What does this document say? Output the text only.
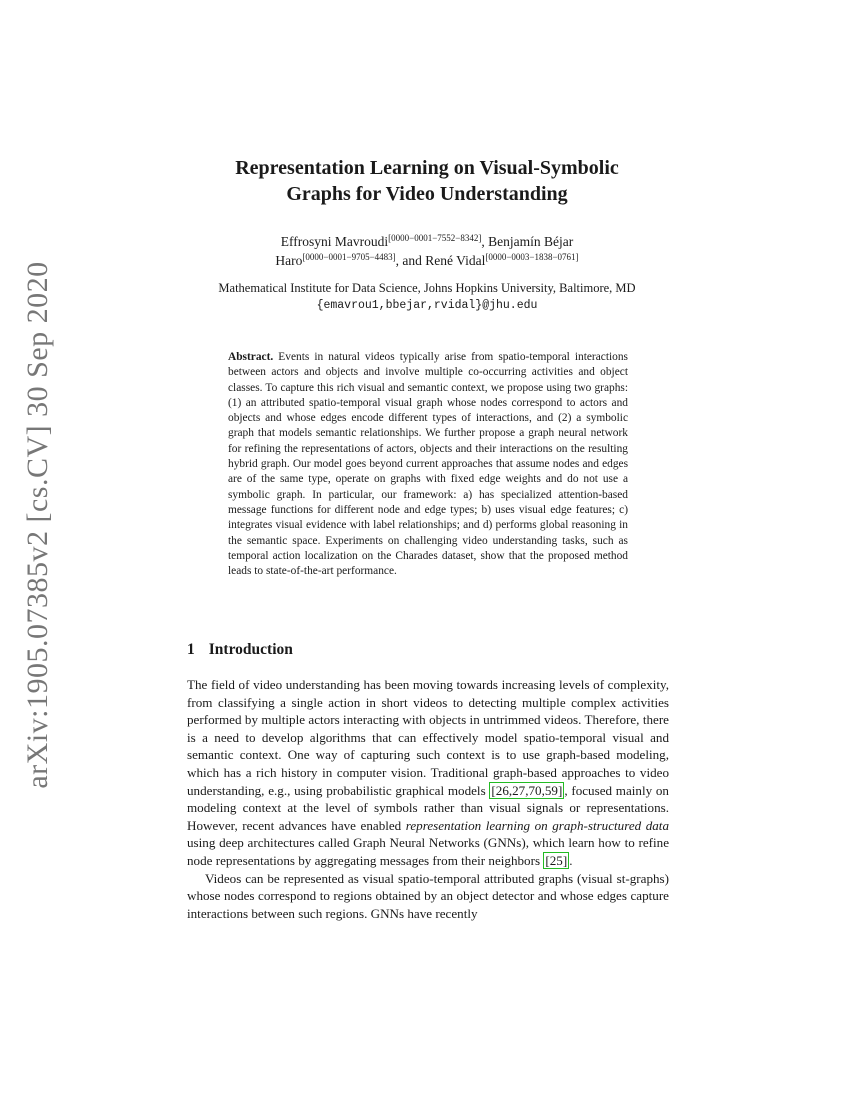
arXiv:1905.07385v2 [cs.CV] 30 Sep 2020
Representation Learning on Visual-Symbolic
Graphs for Video Understanding
Effrosyni Mavroudi[0000−0001−7552−8342], Benjamín Béjar
Haro[0000−0001−9705−4483], and René Vidal[0000−0003−1838−0761]
Mathematical Institute for Data Science, Johns Hopkins University, Baltimore, MD
{emavrou1,bbejar,rvidal}@jhu.edu
Abstract. Events in natural videos typically arise from spatio-temporal interactions between actors and objects and involve multiple co-occurring activities and object classes. To capture this rich visual and semantic context, we propose using two graphs: (1) an attributed spatio-temporal visual graph whose nodes correspond to actors and objects and whose edges encode different types of interactions, and (2) a symbolic graph that models semantic relationships. We further propose a graph neural network for refining the representations of actors, objects and their interactions on the resulting hybrid graph. Our model goes beyond current approaches that assume nodes and edges are of the same type, operate on graphs with fixed edge weights and do not use a symbolic graph. In particular, our framework: a) has specialized attention-based message functions for different node and edge types; b) uses visual edge features; c) integrates visual evidence with label relationships; and d) performs global reasoning in the semantic space. Experiments on challenging video understanding tasks, such as temporal action localization on the Charades dataset, show that the proposed method leads to state-of-the-art performance.
1 Introduction

The field of video understanding has been moving towards increasing levels of complexity, from classifying a single action in short videos to detecting multiple complex activities performed by multiple actors interacting with objects in untrimmed videos. Therefore, there is a need to develop algorithms that can effectively model spatio-temporal visual and semantic context. One way of capturing such context is to use graph-based modeling, which has a rich history in computer vision. Traditional graph-based approaches to video understanding, e.g., using probabilistic graphical models [26,27,70,59] , focused mainly on modeling context at the level of symbols rather than visual signals or representations. However, recent advances have enabled representation learning on graph-structured data using deep architectures called Graph Neural Networks (GNNs), which learn how to refine node representations by aggregating messages from their neighbors [25] .

Videos can be represented as visual spatio-temporal attributed graphs (visual st-graphs) whose nodes correspond to regions obtained by an object detector and whose edges capture interactions between such regions. GNNs have recently
